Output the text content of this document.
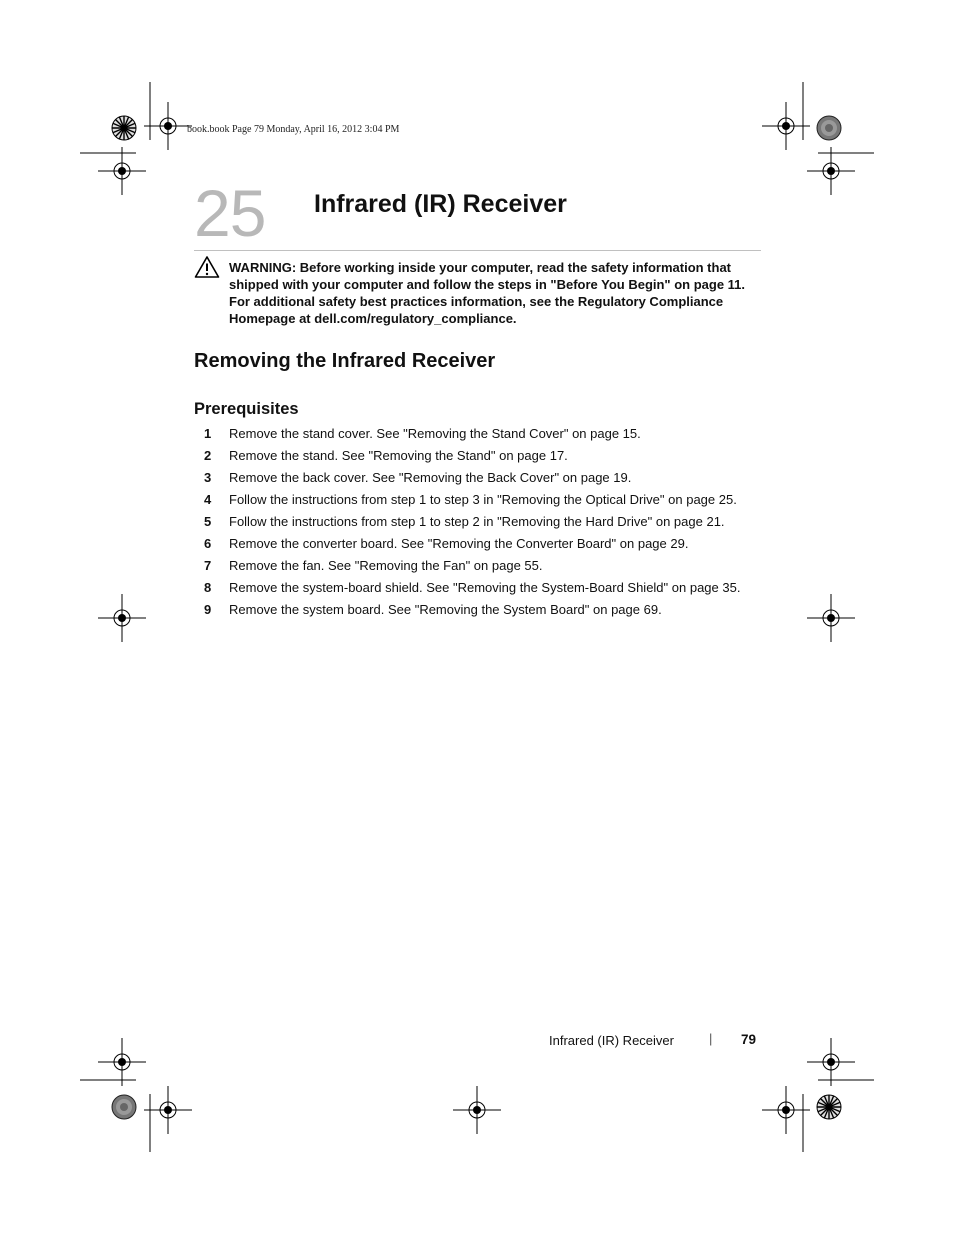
book.book Page 79 Monday, April 16, 2012 3:04 PM
25 Infrared (IR) Receiver
WARNING: Before working inside your computer, read the safety information that shipped with your computer and follow the steps in "Before You Begin" on page 11. For additional safety best practices information, see the Regulatory Compliance Homepage at dell.com/regulatory_compliance.
Removing the Infrared Receiver
Prerequisites
1	Remove the stand cover. See "Removing the Stand Cover" on page 15.
2	Remove the stand. See "Removing the Stand" on page 17.
3	Remove the back cover. See "Removing the Back Cover" on page 19.
4	Follow the instructions from step 1 to step 3 in "Removing the Optical Drive" on page 25.
5	Follow the instructions from step 1 to step 2 in "Removing the Hard Drive" on page 21.
6	Remove the converter board. See "Removing the Converter Board" on page 29.
7	Remove the fan. See "Removing the Fan" on page 55.
8	Remove the system-board shield. See "Removing the System-Board Shield" on page 35.
9	Remove the system board. See "Removing the System Board" on page 69.
Infrared (IR) Receiver	| 79
